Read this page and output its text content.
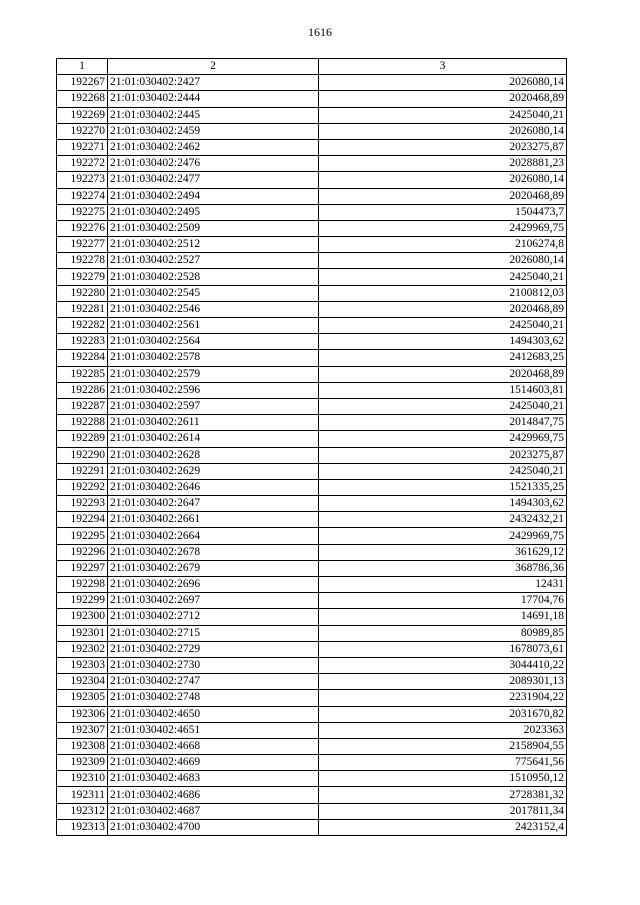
1616
1	2	3
192267	21:01:030402:2427	2026080,14
192268	21:01:030402:2444	2020468,89
192269	21:01:030402:2445	2425040,21
192270	21:01:030402:2459	2026080,14
192271	21:01:030402:2462	2023275,87
192272	21:01:030402:2476	2028881,23
192273	21:01:030402:2477	2026080,14
192274	21:01:030402:2494	2020468,89
192275	21:01:030402:2495	1504473,7
192276	21:01:030402:2509	2429969,75
192277	21:01:030402:2512	2106274,8
192278	21:01:030402:2527	2026080,14
192279	21:01:030402:2528	2425040,21
192280	21:01:030402:2545	2100812,03
192281	21:01:030402:2546	2020468,89
192282	21:01:030402:2561	2425040,21
192283	21:01:030402:2564	1494303,62
192284	21:01:030402:2578	2412683,25
192285	21:01:030402:2579	2020468,89
192286	21:01:030402:2596	1514603,81
192287	21:01:030402:2597	2425040,21
192288	21:01:030402:2611	2014847,75
192289	21:01:030402:2614	2429969,75
192290	21:01:030402:2628	2023275,87
192291	21:01:030402:2629	2425040,21
192292	21:01:030402:2646	1521335,25
192293	21:01:030402:2647	1494303,62
192294	21:01:030402:2661	2432432,21
192295	21:01:030402:2664	2429969,75
192296	21:01:030402:2678	361629,12
192297	21:01:030402:2679	368786,36
192298	21:01:030402:2696	12431
192299	21:01:030402:2697	17704,76
192300	21:01:030402:2712	14691,18
192301	21:01:030402:2715	80989,85
192302	21:01:030402:2729	1678073,61
192303	21:01:030402:2730	3044410,22
192304	21:01:030402:2747	2089301,13
192305	21:01:030402:2748	2231904,22
192306	21:01:030402:4650	2031670,82
192307	21:01:030402:4651	2023363
192308	21:01:030402:4668	2158904,55
192309	21:01:030402:4669	775641,56
192310	21:01:030402:4683	1510950,12
192311	21:01:030402:4686	2728381,32
192312	21:01:030402:4687	2017811,34
192313	21:01:030402:4700	2423152,4
